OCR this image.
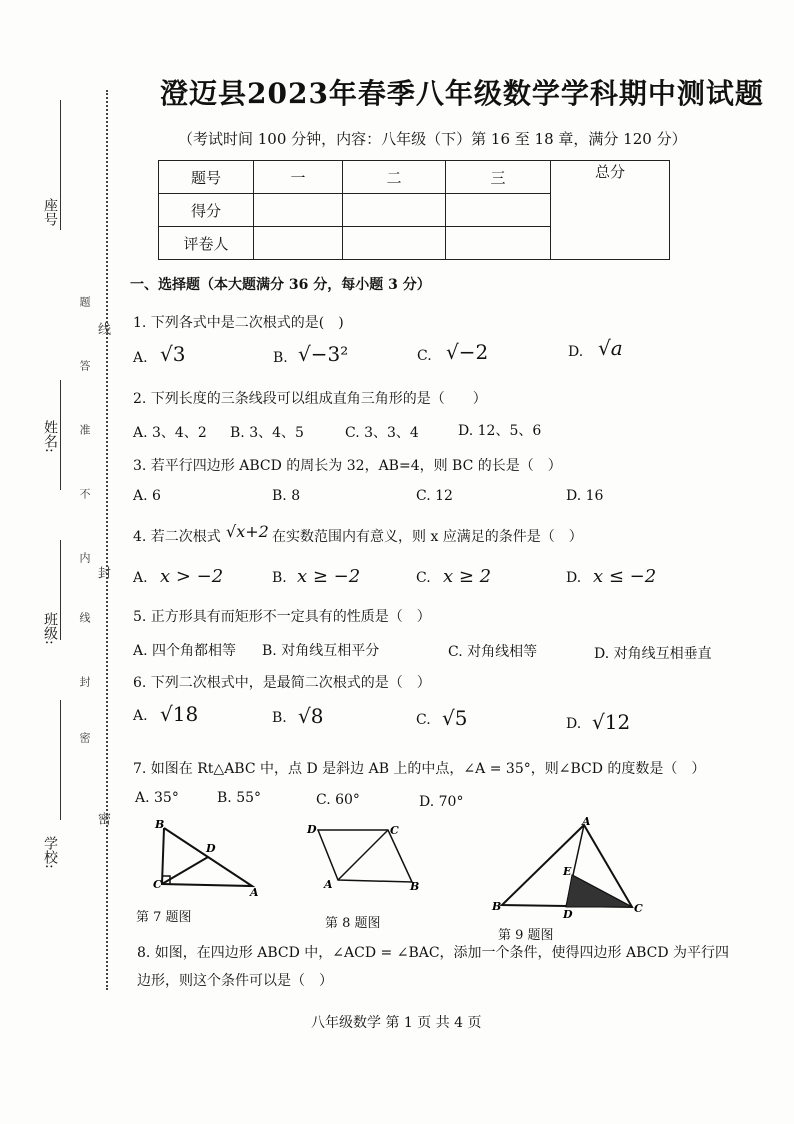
座号
姓名:
班级:
学校:
题
答
准
不
内
线
封
密
线
封
密
澄迈县2023年春季八年级数学学科期中测试题
（考试时间 100 分钟，内容：八年级（下）第 16 至 18 章，满分 120 分）
题号	一	二	三	总分
得分				
评卷人				
一、选择题（本大题满分 36 分，每小题 3 分）
1. 下列各式中是二次根式的是(　)
A. √3	B. √−3²	C. √−2	D. √a
2. 下列长度的三条线段可以组成直角三角形的是（　　）
A. 3、4、2 B. 3、4、5	C. 3、3、4	D. 12、5、6
3. 若平行四边形 ABCD 的周长为 32，AB=4，则 BC 的长是（　）
A. 6	B. 8	C. 12	D. 16
4. 若二次根式 √x+2 在实数范围内有意义，则 x 应满足的条件是（　）
A. x > −2	B. x ≥ −2	C. x ≥ 2	D. x ≤ −2
5. 正方形具有而矩形不一定具有的性质是（　）
A. 四个角都相等 B. 对角线互相平分	C. 对角线相等	D. 对角线互相垂直
6. 下列二次根式中，是最简二次根式的是（　）
A. √18	B. √8	C. √5	D. √12
7. 如图在 Rt△ABC 中，点 D 是斜边 AB 上的中点，∠A = 35°，则∠BCD 的度数是（　）
A. 35°	B. 55°	C. 60°	D. 70°
B
D
C
A
第 7 题图
D	C
A	B
第 8 题图
A
E
B
D	C
第 9 题图
8. 如图，在四边形 ABCD 中，∠ACD = ∠BAC，添加一个条件，使得四边形 ABCD 为平行四
边形，则这个条件可以是（　）
八年级数学 第 1 页 共 4 页
